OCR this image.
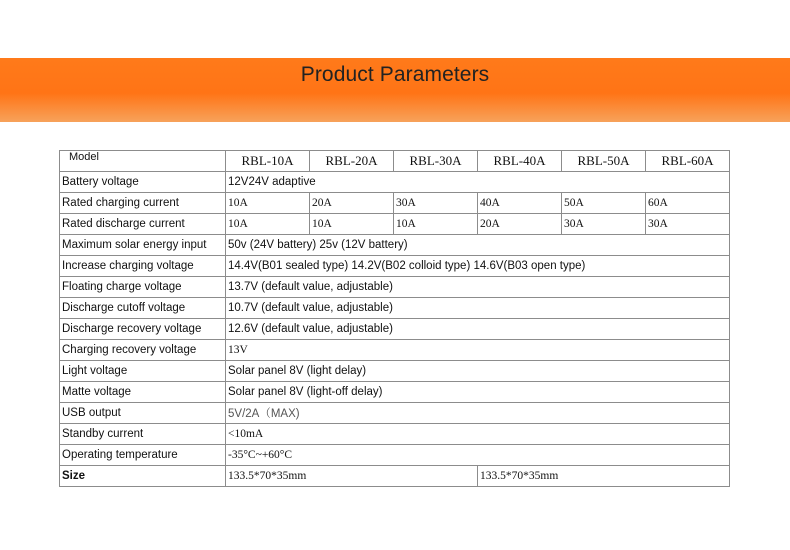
Product Parameters
Model	RBL-10A	RBL-20A	RBL-30A	RBL-40A	RBL-50A	RBL-60A
Battery voltage	12V24V adaptive					
Rated charging current	10A	20A	30A	40A	50A	60A
Rated discharge current	10A	10A	10A	20A	30A	30A
Maximum solar energy input	50v (24V battery) 25v (12V battery)					
Increase charging voltage	14.4V(B01 sealed type) 14.2V(B02 colloid type) 14.6V(B03 open type)					
Floating charge voltage	13.7V (default value, adjustable)					
Discharge cutoff voltage	10.7V (default value, adjustable)					
Discharge recovery voltage	12.6V (default value, adjustable)					
Charging recovery voltage	13V					
Light voltage	Solar panel 8V (light delay)					
Matte voltage	Solar panel 8V (light-off delay)					
USB output	5V/2A（MAX)					
Standby current	<10mA					
Operating temperature	-35°C~+60°C					
Size	133.5*70*35mm			133.5*70*35mm		
